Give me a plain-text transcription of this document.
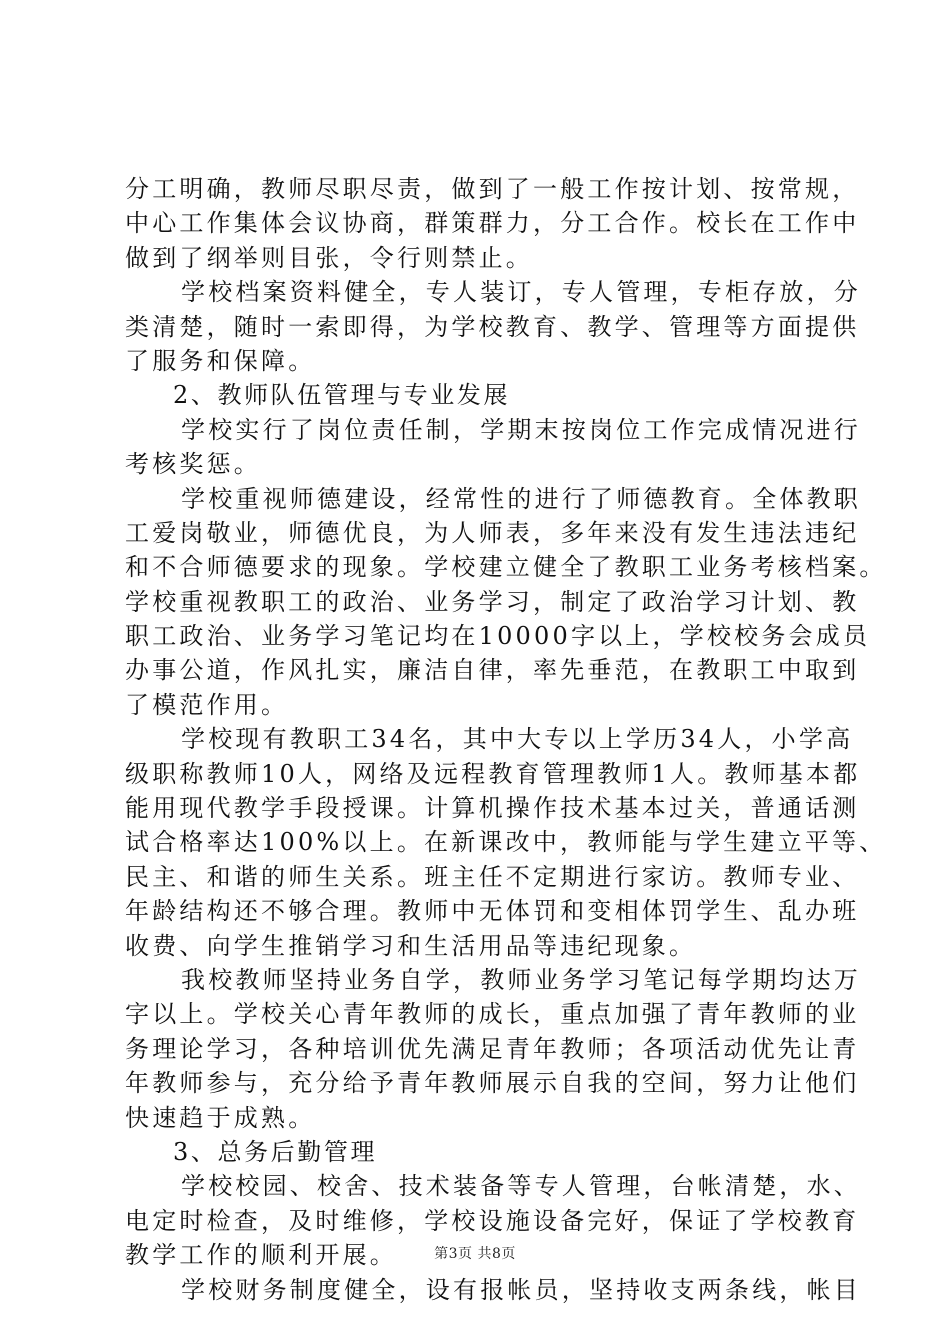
分工明确，教师尽职尽责，做到了一般工作按计划、按常规，
中心工作集体会议协商，群策群力，分工合作。校长在工作中
做到了纲举则目张，令行则禁止。
学校档案资料健全，专人装订，专人管理，专柜存放，分
类清楚，随时一索即得，为学校教育、教学、管理等方面提供
了服务和保障。
2、教师队伍管理与专业发展
学校实行了岗位责任制，学期末按岗位工作完成情况进行
考核奖惩。
学校重视师德建设，经常性的进行了师德教育。全体教职
工爱岗敬业，师德优良，为人师表，多年来没有发生违法违纪
和不合师德要求的现象。学校建立健全了教职工业务考核档案。
学校重视教职工的政治、业务学习，制定了政治学习计划、教
职工政治、业务学习笔记均在10000字以上，学校校务会成员
办事公道，作风扎实，廉洁自律，率先垂范，在教职工中取到
了模范作用。
学校现有教职工34名，其中大专以上学历34人，小学高
级职称教师10人，网络及远程教育管理教师1人。教师基本都
能用现代教学手段授课。计算机操作技术基本过关，普通话测
试合格率达100%以上。在新课改中，教师能与学生建立平等、
民主、和谐的师生关系。班主任不定期进行家访。教师专业、
年龄结构还不够合理。教师中无体罚和变相体罚学生、乱办班
收费、向学生推销学习和生活用品等违纪现象。
我校教师坚持业务自学，教师业务学习笔记每学期均达万
字以上。学校关心青年教师的成长，重点加强了青年教师的业
务理论学习，各种培训优先满足青年教师；各项活动优先让青
年教师参与，充分给予青年教师展示自我的空间，努力让他们
快速趋于成熟。
3、总务后勤管理
学校校园、校舍、技术装备等专人管理，台帐清楚，水、
电定时检查，及时维修，学校设施设备完好，保证了学校教育
教学工作的顺利开展。
学校财务制度健全，设有报帐员，坚持收支两条线，帐目
第3页 共8页
